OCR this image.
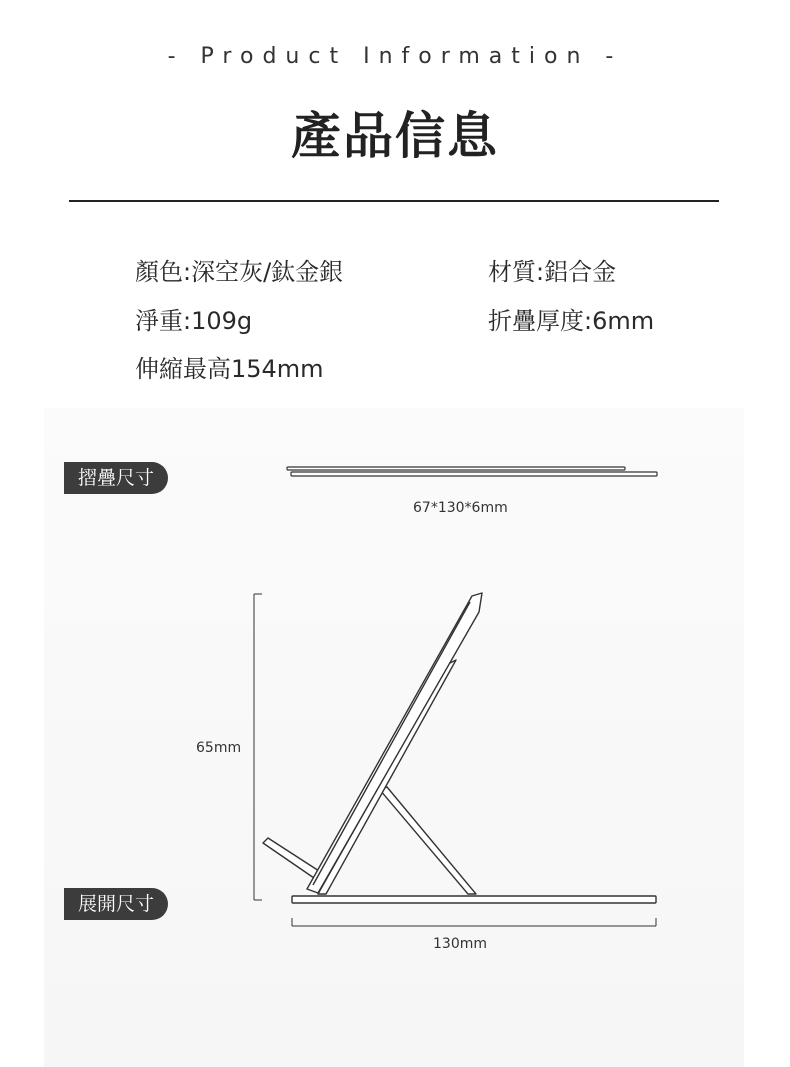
- Product Information -
產品信息
顏色:深空灰/鈦金銀	材質:鋁合金
淨重:109g	折疊厚度:6mm
伸縮最高154mm
摺疊尺寸
67*130*6mm
65mm
展開尺寸
130mm
